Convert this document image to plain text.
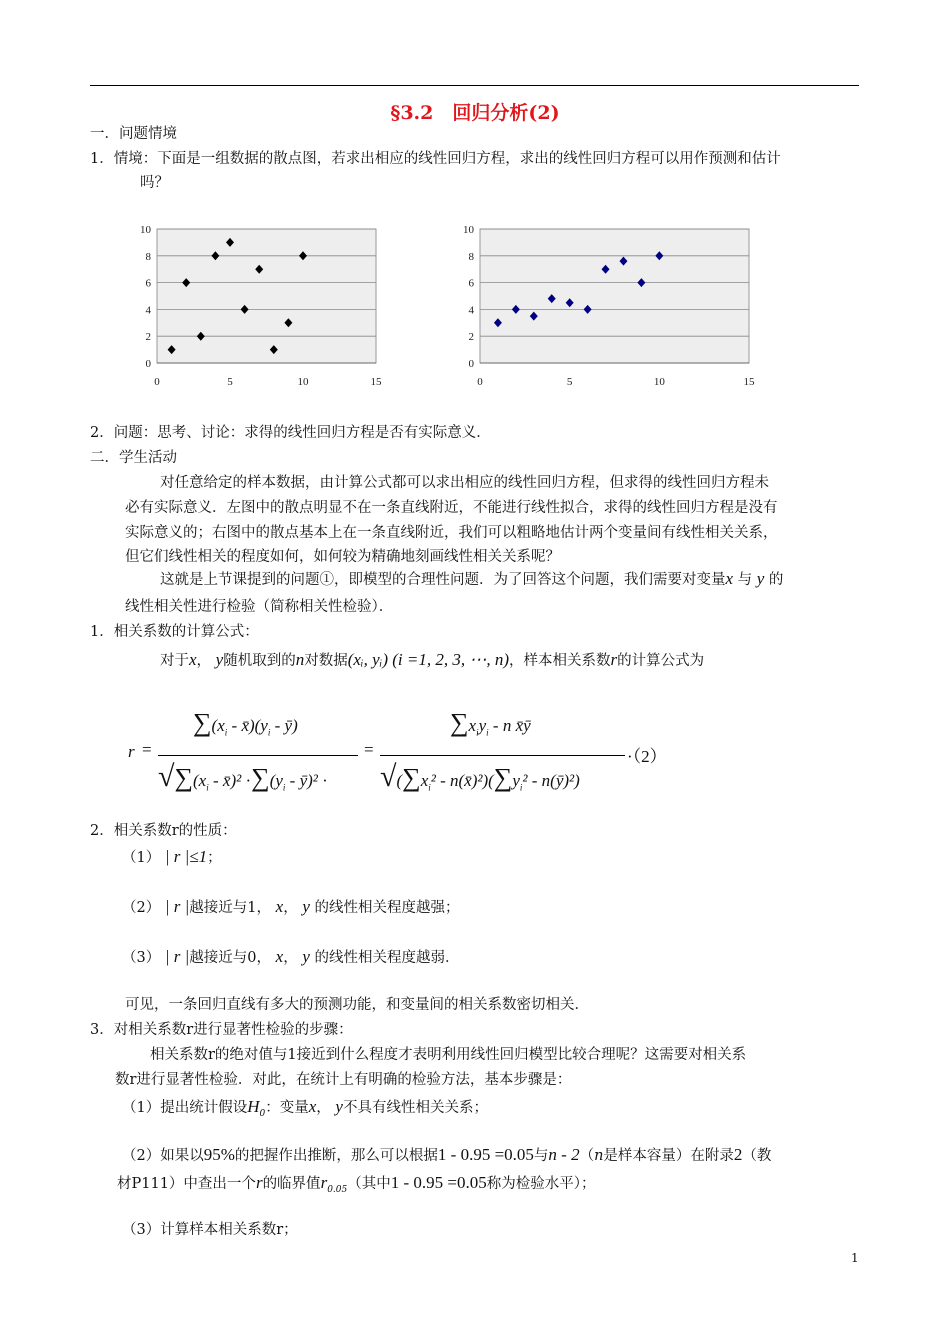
§3.2　回归分析(2)
一．问题情境
1．情境：下面是一组数据的散点图，若求出相应的线性回归方程，求出的线性回归方程可以用作预测和估计
吗？
0
2
4
6
8
10
0	5	10	15
0
2
4
6
8
10
0	5	10	15
2．问题：思考、讨论：求得的线性回归方程是否有实际意义．
二．学生活动
对任意给定的样本数据，由计算公式都可以求出相应的线性回归方程，但求得的线性回归方程未
必有实际意义．左图中的散点明显不在一条直线附近，不能进行线性拟合，求得的线性回归方程是没有
实际意义的；右图中的散点基本上在一条直线附近，我们可以粗略地估计两个变量间有线性相关关系，
但它们线性相关的程度如何，如何较为精确地刻画线性相关关系呢？
这就是上节课提到的问题①，即模型的合理性问题．为了回答这个问题，我们需要对变量x 与 y 的
线性相关性进行检验（简称相关性检验）．
1．相关系数的计算公式：
对于x， y随机取到的n对数据(xᵢ, yᵢ) (i =1, 2, 3, ⋯, n)，样本相关系数r的计算公式为
r =
$\sum(x_i$ - $x̄)(y_i$ - ȳ)
$√\sum(x_i$ - x̄)² $\cdot\sum(y_i$ - ȳ)² ·
=
$\sum x_iy_i$ - n x̄ȳ
$√(\sum x_i^2$ - $n(x̄)^2)(\sum y_i^2$ - n(ȳ)²)
·（2）
2．相关系数r的性质：
（1） | r |≤1；
（2） | r |越接近与1， x， y 的线性相关程度越强；
（3） | r |越接近与0， x， y 的线性相关程度越弱．
可见，一条回归直线有多大的预测功能，和变量间的相关系数密切相关．
3．对相关系数r进行显著性检验的步骤：
相关系数r的绝对值与1接近到什么程度才表明利用线性回归模型比较合理呢？这需要对相关系
数r进行显著性检验．对此，在统计上有明确的检验方法，基本步骤是：
（1）提出统计假设$H_0$：变量x， y不具有线性相关关系；
（2）如果以95%的把握作出推断，那么可以根据1 - 0.95 =0.05与n - 2（n是样本容量）在附录2（教
材P111）中查出一个r的临界值$r_{0.05}$（其中1 - 0.95 =0.05称为检验水平）；
（3）计算样本相关系数r；
1
